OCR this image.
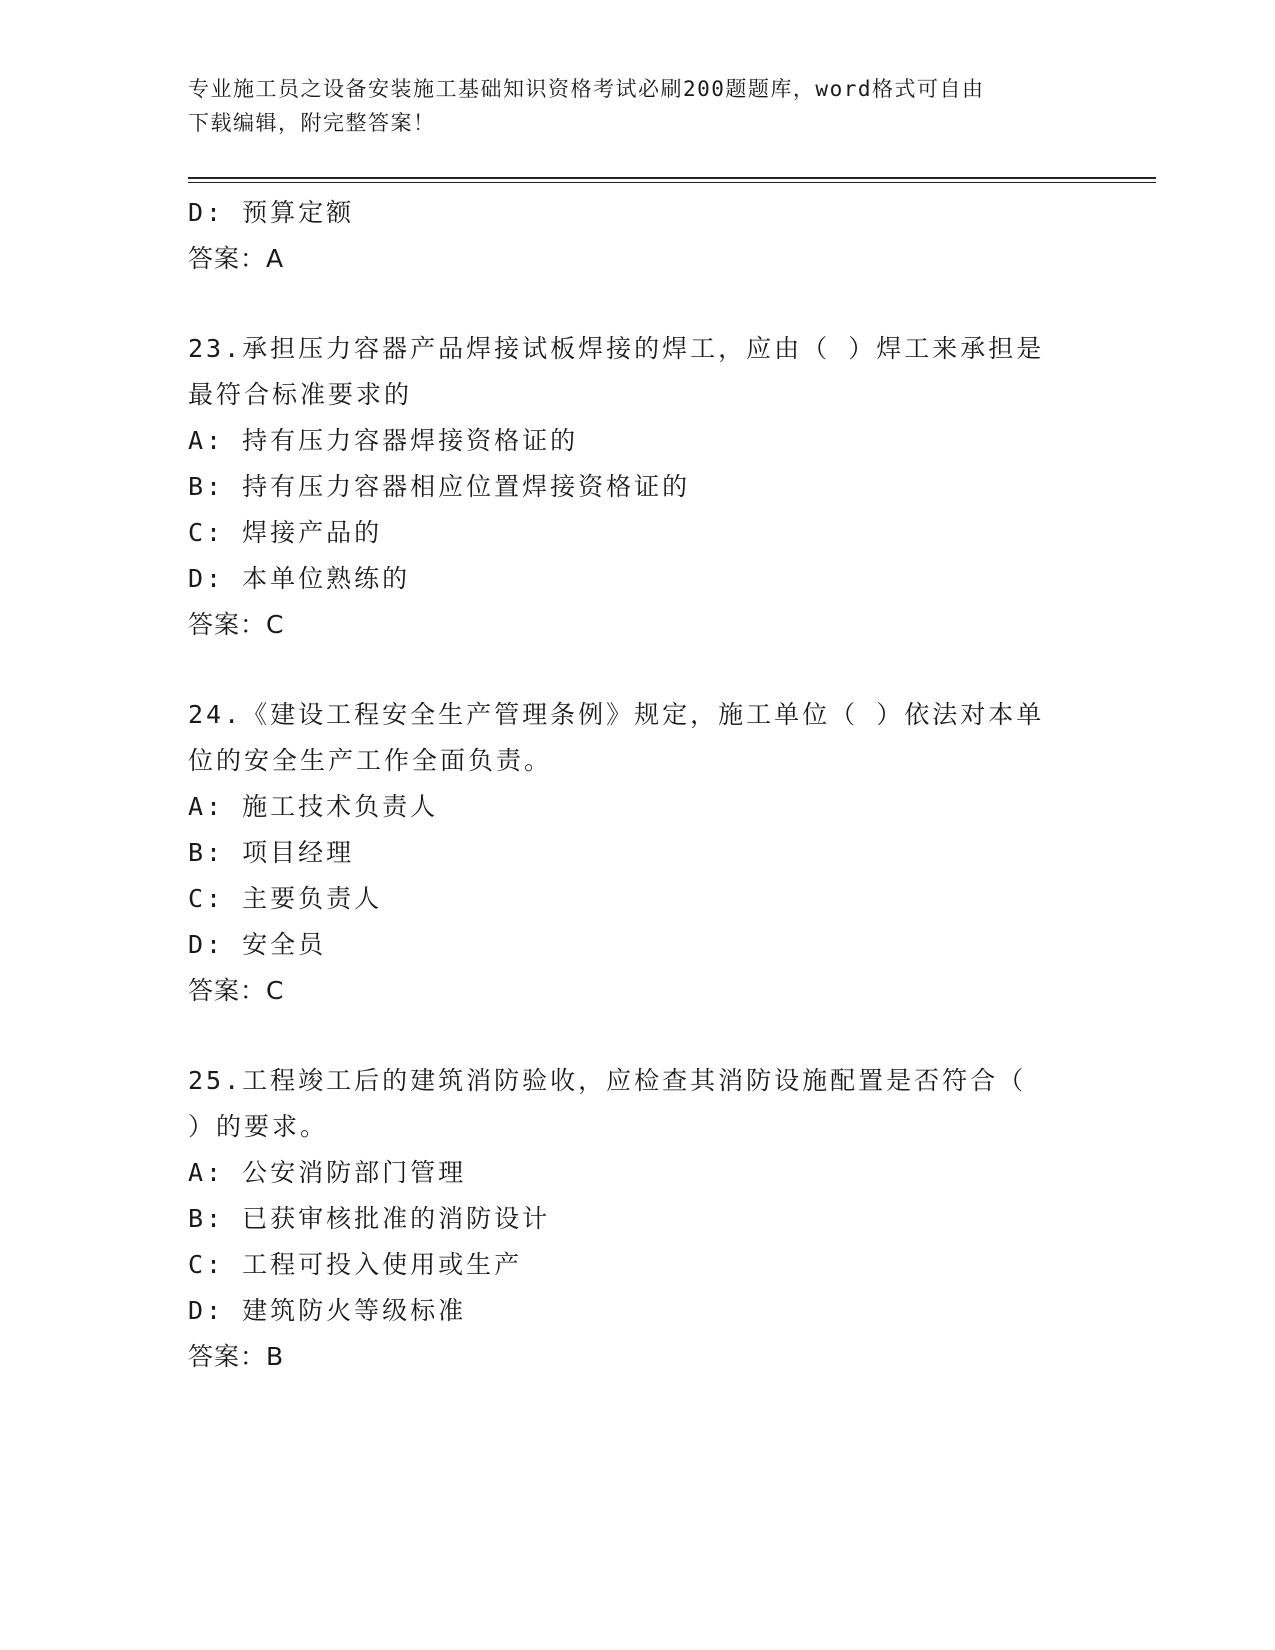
专业施工员之设备安装施工基础知识资格考试必刷200题题库，word格式可自由
下载编辑，附完整答案！
D: 预算定额
答案：A
23.承担压力容器产品焊接试板焊接的焊工，应由（ ）焊工来承担是
最符合标准要求的
A: 持有压力容器焊接资格证的
B: 持有压力容器相应位置焊接资格证的
C: 焊接产品的
D: 本单位熟练的
答案：C
24.《建设工程安全生产管理条例》规定，施工单位（ ）依法对本单
位的安全生产工作全面负责。
A: 施工技术负责人
B: 项目经理
C: 主要负责人
D: 安全员
答案：C
25.工程竣工后的建筑消防验收，应检查其消防设施配置是否符合（
）的要求。
A: 公安消防部门管理
B: 已获审核批准的消防设计
C: 工程可投入使用或生产
D: 建筑防火等级标准
答案：B
